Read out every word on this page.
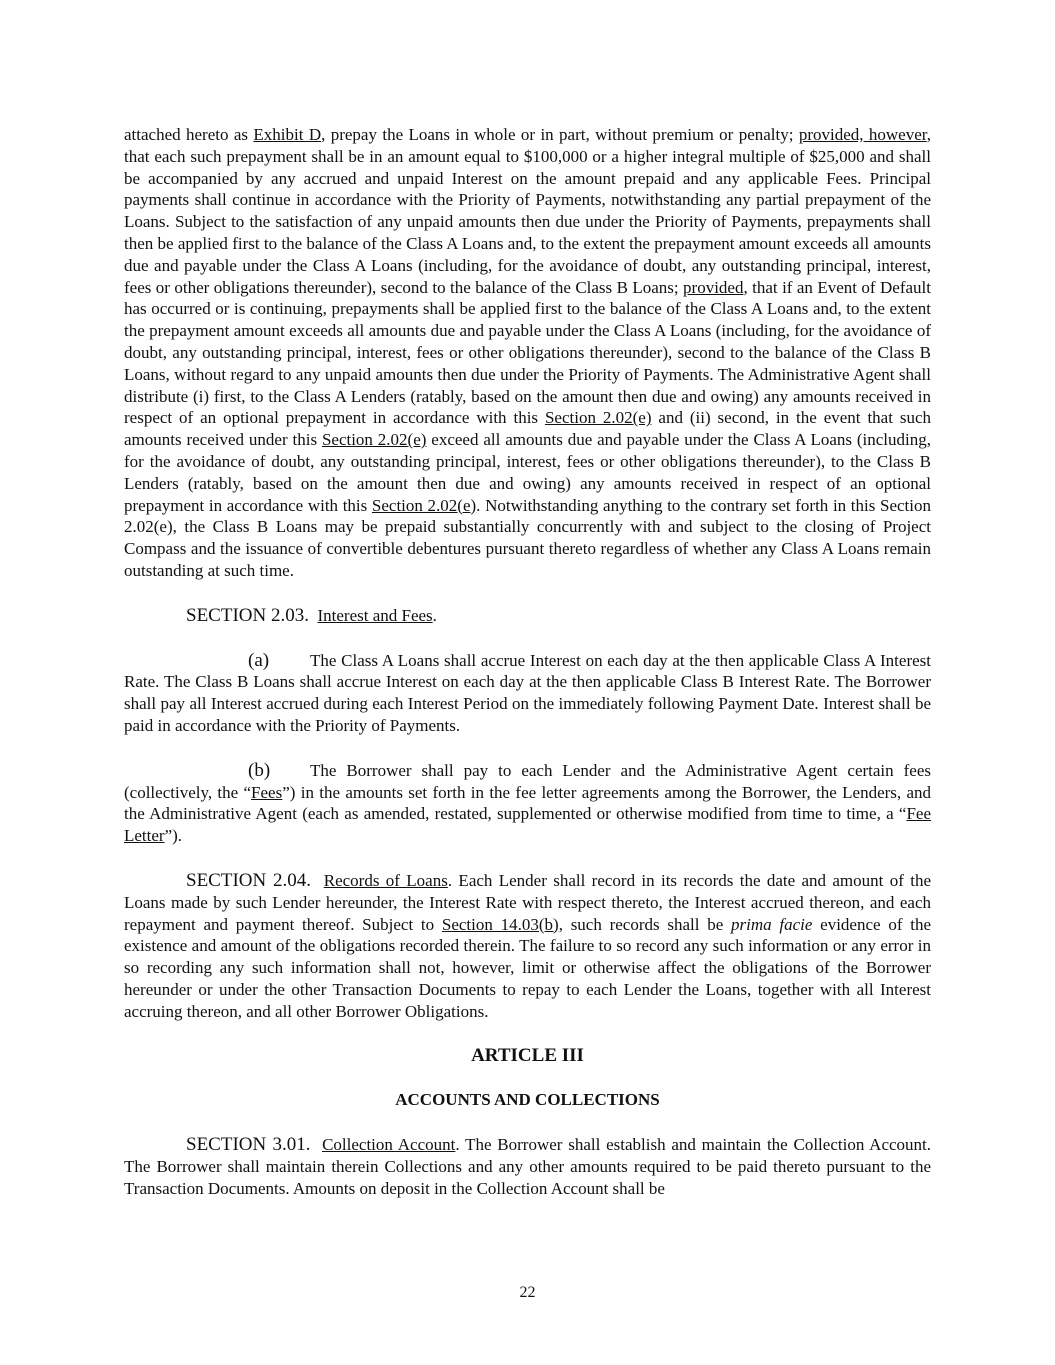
attached hereto as Exhibit D, prepay the Loans in whole or in part, without premium or penalty; provided, however, that each such prepayment shall be in an amount equal to $100,000 or a higher integral multiple of $25,000 and shall be accompanied by any accrued and unpaid Interest on the amount prepaid and any applicable Fees. Principal payments shall continue in accordance with the Priority of Payments, notwithstanding any partial prepayment of the Loans. Subject to the satisfaction of any unpaid amounts then due under the Priority of Payments, prepayments shall then be applied first to the balance of the Class A Loans and, to the extent the prepayment amount exceeds all amounts due and payable under the Class A Loans (including, for the avoidance of doubt, any outstanding principal, interest, fees or other obligations thereunder), second to the balance of the Class B Loans; provided, that if an Event of Default has occurred or is continuing, prepayments shall be applied first to the balance of the Class A Loans and, to the extent the prepayment amount exceeds all amounts due and payable under the Class A Loans (including, for the avoidance of doubt, any outstanding principal, interest, fees or other obligations thereunder), second to the balance of the Class B Loans, without regard to any unpaid amounts then due under the Priority of Payments. The Administrative Agent shall distribute (i) first, to the Class A Lenders (ratably, based on the amount then due and owing) any amounts received in respect of an optional prepayment in accordance with this Section 2.02(e) and (ii) second, in the event that such amounts received under this Section 2.02(e) exceed all amounts due and payable under the Class A Loans (including, for the avoidance of doubt, any outstanding principal, interest, fees or other obligations thereunder), to the Class B Lenders (ratably, based on the amount then due and owing) any amounts received in respect of an optional prepayment in accordance with this Section 2.02(e). Notwithstanding anything to the contrary set forth in this Section 2.02(e), the Class B Loans may be prepaid substantially concurrently with and subject to the closing of Project Compass and the issuance of convertible debentures pursuant thereto regardless of whether any Class A Loans remain outstanding at such time.

SECTION 2.03. Interest and Fees.

(a) The Class A Loans shall accrue Interest on each day at the then applicable Class A Interest Rate. The Class B Loans shall accrue Interest on each day at the then applicable Class B Interest Rate. The Borrower shall pay all Interest accrued during each Interest Period on the immediately following Payment Date. Interest shall be paid in accordance with the Priority of Payments.

(b) The Borrower shall pay to each Lender and the Administrative Agent certain fees (collectively, the “Fees”) in the amounts set forth in the fee letter agreements among the Borrower, the Lenders, and the Administrative Agent (each as amended, restated, supplemented or otherwise modified from time to time, a “Fee Letter”).

SECTION 2.04. Records of Loans. Each Lender shall record in its records the date and amount of the Loans made by such Lender hereunder, the Interest Rate with respect thereto, the Interest accrued thereon, and each repayment and payment thereof. Subject to Section 14.03(b), such records shall be prima facie evidence of the existence and amount of the obligations recorded therein. The failure to so record any such information or any error in so recording any such information shall not, however, limit or otherwise affect the obligations of the Borrower hereunder or under the other Transaction Documents to repay to each Lender the Loans, together with all Interest accruing thereon, and all other Borrower Obligations.

ARTICLE III
ACCOUNTS AND COLLECTIONS

SECTION 3.01. Collection Account. The Borrower shall establish and maintain the Collection Account. The Borrower shall maintain therein Collections and any other amounts required to be paid thereto pursuant to the Transaction Documents. Amounts on deposit in the Collection Account shall be

22
